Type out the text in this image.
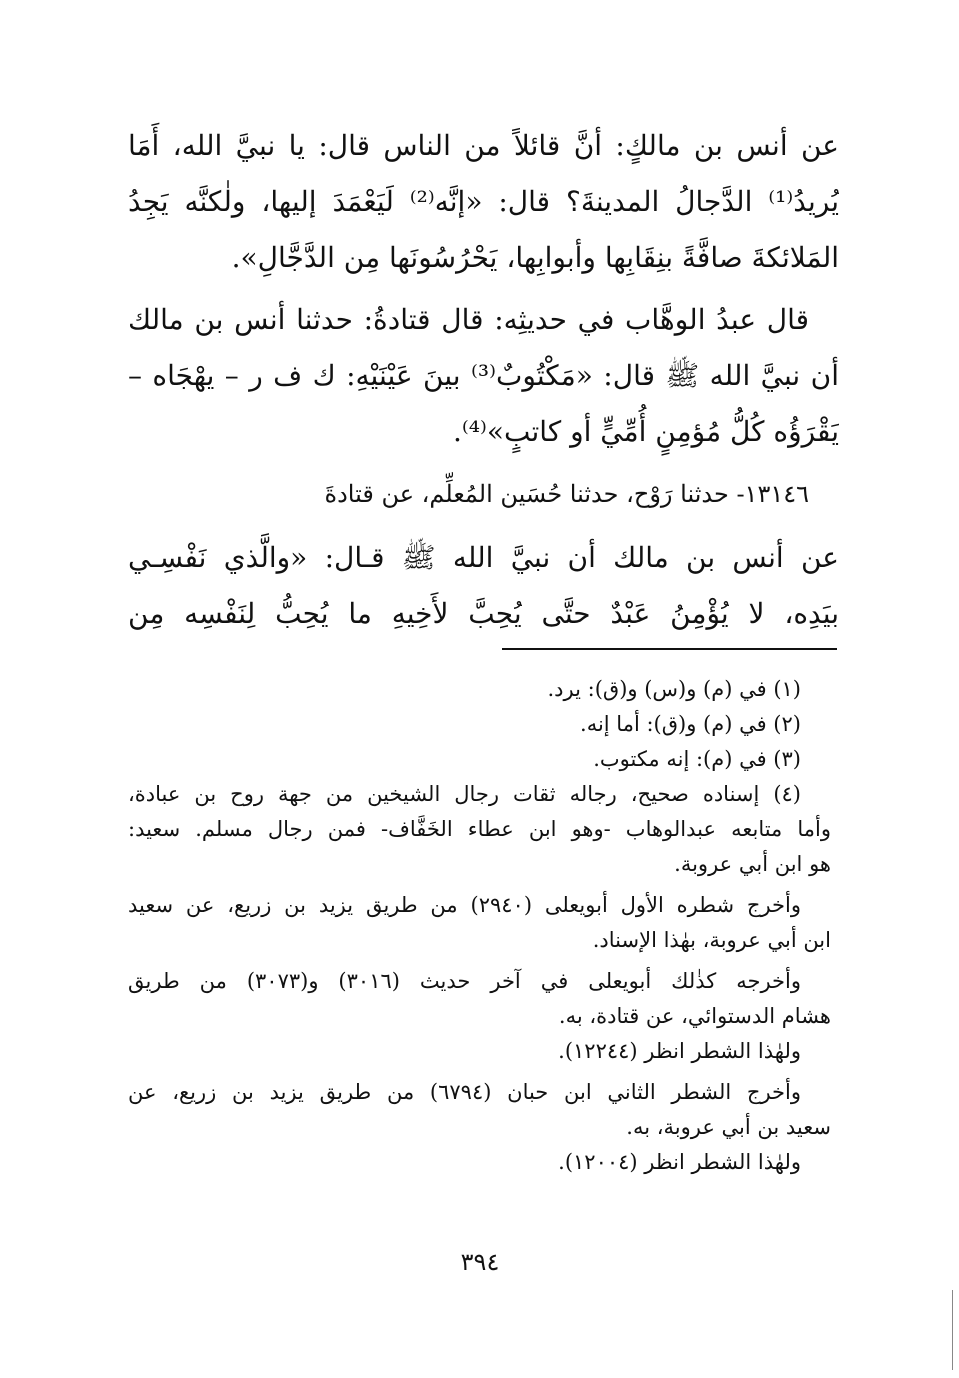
عن أنس بن مالكٍ: أنَّ قائلاً من الناس قال: يا نبيَّ الله، أَمَا
يُريدُ⁽¹⁾ الدَّجالُ المدينةَ؟ قال: «إنَّه⁽²⁾ لَيَعْمَدَ إليها، ولٰكنَّه يَجِدُ
المَلائكةَ صافَّةً بنِقَابِها وأبوابِها، يَحْرُسُونَها مِن الدَّجَّالِ».
قال عبدُ الوهَّاب في حديثِه: قال قتادةُ: حدثنا أنس بن مالك
أن نبيَّ الله ﷺ قال: «مَكْتُوبٌ⁽³⁾ بينَ عَيْنَيْهِ: ك ف ر – يهْجَاه –
يَقْرَؤُه كُلُّ مُؤمِنٍ أُمِّيٍّ أو كاتبٍ»⁽⁴⁾.
١٣١٤٦- حدثنا رَوْح، حدثنا حُسَين المُعلِّم، عن قتادةَ
عن أنس بن مالك أن نبيَّ الله ﷺ قـال: «والَّذي نَفْسِـي
بيَدِه، لا يُؤْمِنُ عَبْدٌ حتَّى يُحِبَّ لأَخِيهِ ما يُحِبُّ لِنَفْسِه مِن
(١) في (م) و(س) و(ق): يرد.
(٢) في (م) و(ق): أما إنه.
(٣) في (م): إنه مكتوب.
(٤) إسناده صحيح، رجاله ثقات رجال الشيخين من جهة روح بن عبادة،
وأما متابعه عبدالوهاب -وهو ابن عطاء الخَفَّاف- فمن رجال مسلم. سعيد:
هو ابن أبي عروبة.
وأخرج شطره الأول أبويعلى (٢٩٤٠) من طريق يزيد بن زريع، عن سعيد
ابن أبي عروبة، بهٰذا الإسناد.
وأخرجه كذٰلك أبويعلى في آخر حديث (٣٠١٦) و(٣٠٧٣) من طريق
هشام الدستوائي، عن قتادة، به.
ولهٰذا الشطر انظر (١٢٢٤٤).
وأخرج الشطر الثاني ابن حبان (٦٧٩٤) من طريق يزيد بن زريع، عن
سعيد بن أبي عروبة، به.
ولهٰذا الشطر انظر (١٢٠٠٤).
٣٩٤
